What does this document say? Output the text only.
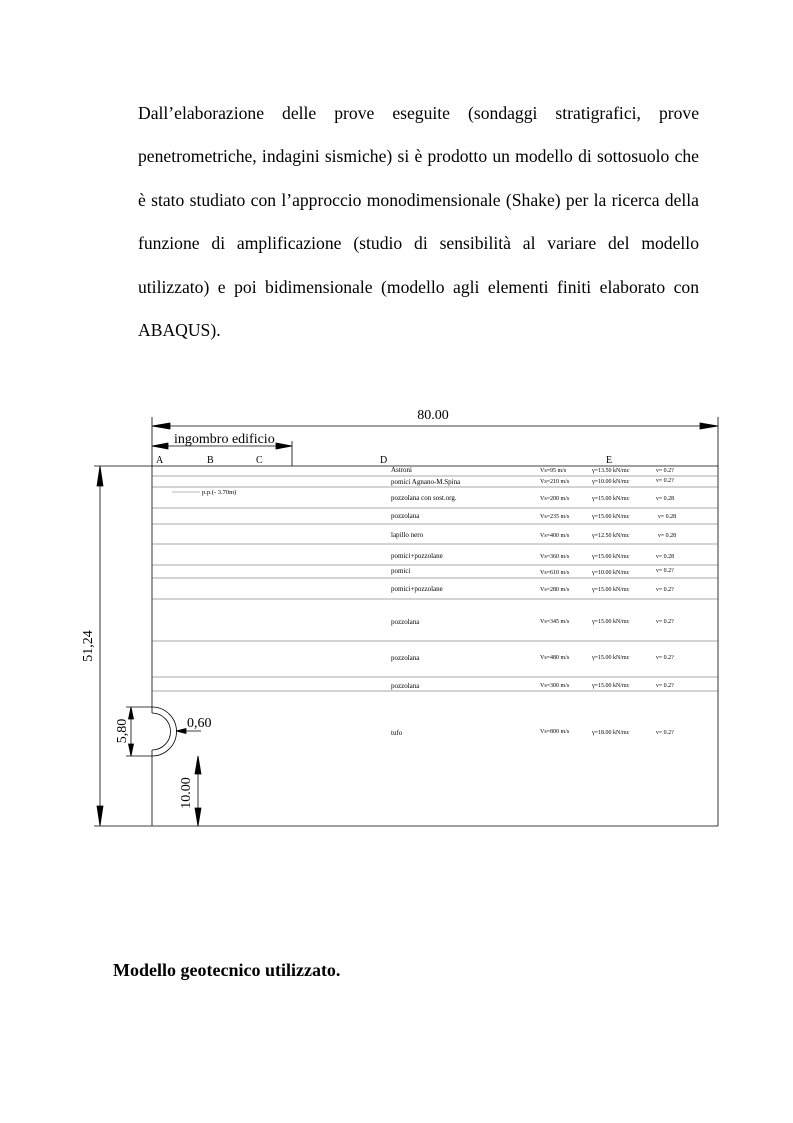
Dall’elaborazione delle prove eseguite (sondaggi stratigrafici, prove penetrometriche, indagini sismiche) si è prodotto un modello di sottosuolo che è stato studiato con l’approccio monodimensionale (Shake) per la ricerca della funzione di amplificazione (studio di sensibilità al variare del modello utilizzato) e poi bidimensionale (modello agli elementi finiti elaborato con ABAQUS).

80.00
ingombro edificio
A	B	C	D	E
p.p.(- 3.70m)
Astroni	Vs=95 m/s	γ=13.50 kN/mc	ν= 0.2?
pomici Agnano-M.Spina	Vs=210 m/s	γ=10.00 kN/mc	ν= 0.2?
pozzolana con sost.org.	Vs=200 m/s	γ=15.00 kN/mc	ν= 0.28
pozzolana	Vs=235 m/s	γ=15.00 kN/mc	ν= 0.28
lapillo nero	Vs=400 m/s	γ=12.50 kN/mc	ν= 0.28
pomici+pozzolane	Vs=360 m/s	γ=15.00 kN/mc	ν= 0.28
pomici	Vs=610 m/s	γ=10.00 kN/mc	ν= 0.2?
pomici+pozzolane	Vs=280 m/s	γ=15.00 kN/mc	ν= 0.2?
pozzolana	Vs=345 m/s	γ=15.00 kN/mc	ν= 0.2?
pozzolana	Vs=480 m/s	γ=15.00 kN/mc	ν= 0.2?
pozzolana	Vs=300 m/s	γ=15.00 kN/mc	ν= 0.2?
tufo	Vs=800 m/s	γ=18.00 kN/mc	ν= 0.2?
51,24
0,60
5,80
10.00

Modello geotecnico utilizzato.
